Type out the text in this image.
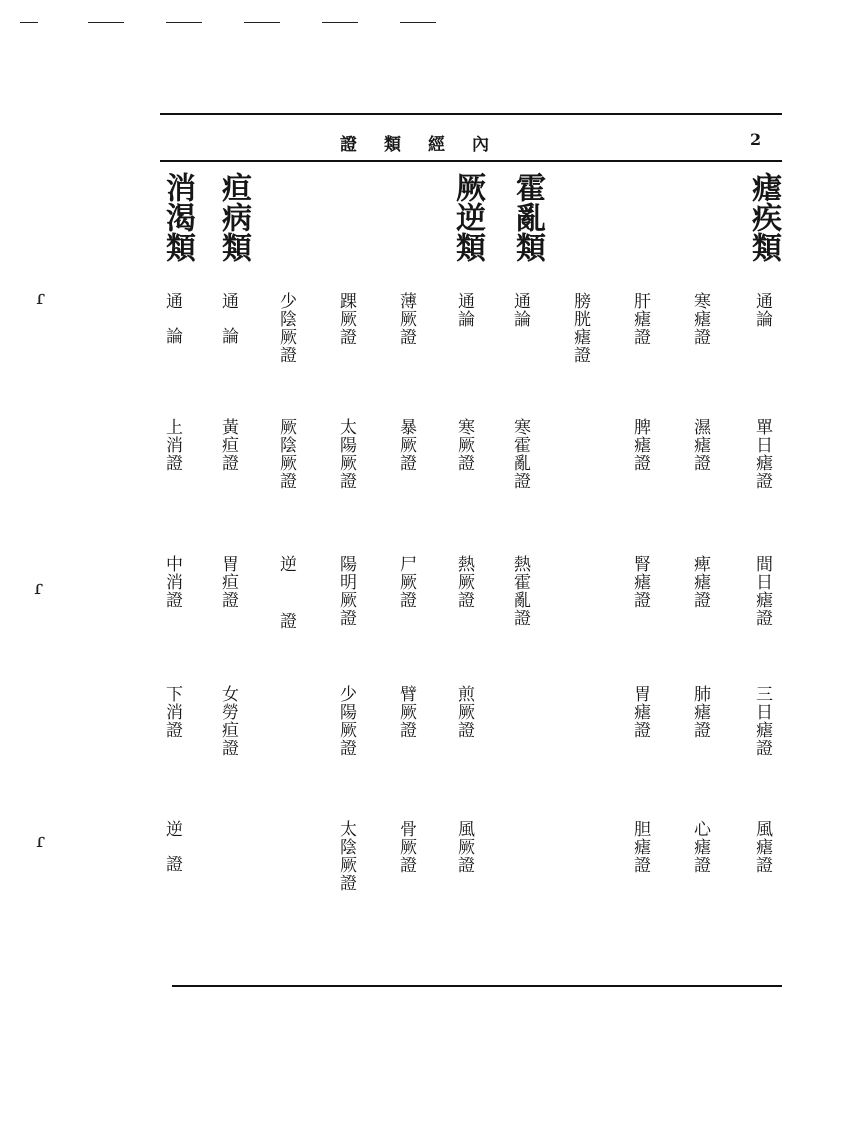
證類經內	2
瘧疾類
霍亂類
厥逆類
疸病類
消渴類
通論
單日瘧證
間日瘧證
三日瘧證
風瘧證
寒瘧證
濕瘧證
痺瘧證
肺瘧證
心瘧證
肝瘧證
脾瘧證
腎瘧證
胃瘧證
胆瘧證
膀胱瘧證
通論
寒霍亂證
熱霍亂證
通論
寒厥證
熱厥證
煎厥證
風厥證
薄厥證
暴厥證
尸厥證
臂厥證
骨厥證
踝厥證
太陽厥證
陽明厥證
少陽厥證
太陰厥證
少陰厥證
厥陰厥證
逆證
通論
黃疸證
胃疸證
女勞疸證
通論
上消證
中消證
下消證
逆證
ɾ
ɾ
ɾ
